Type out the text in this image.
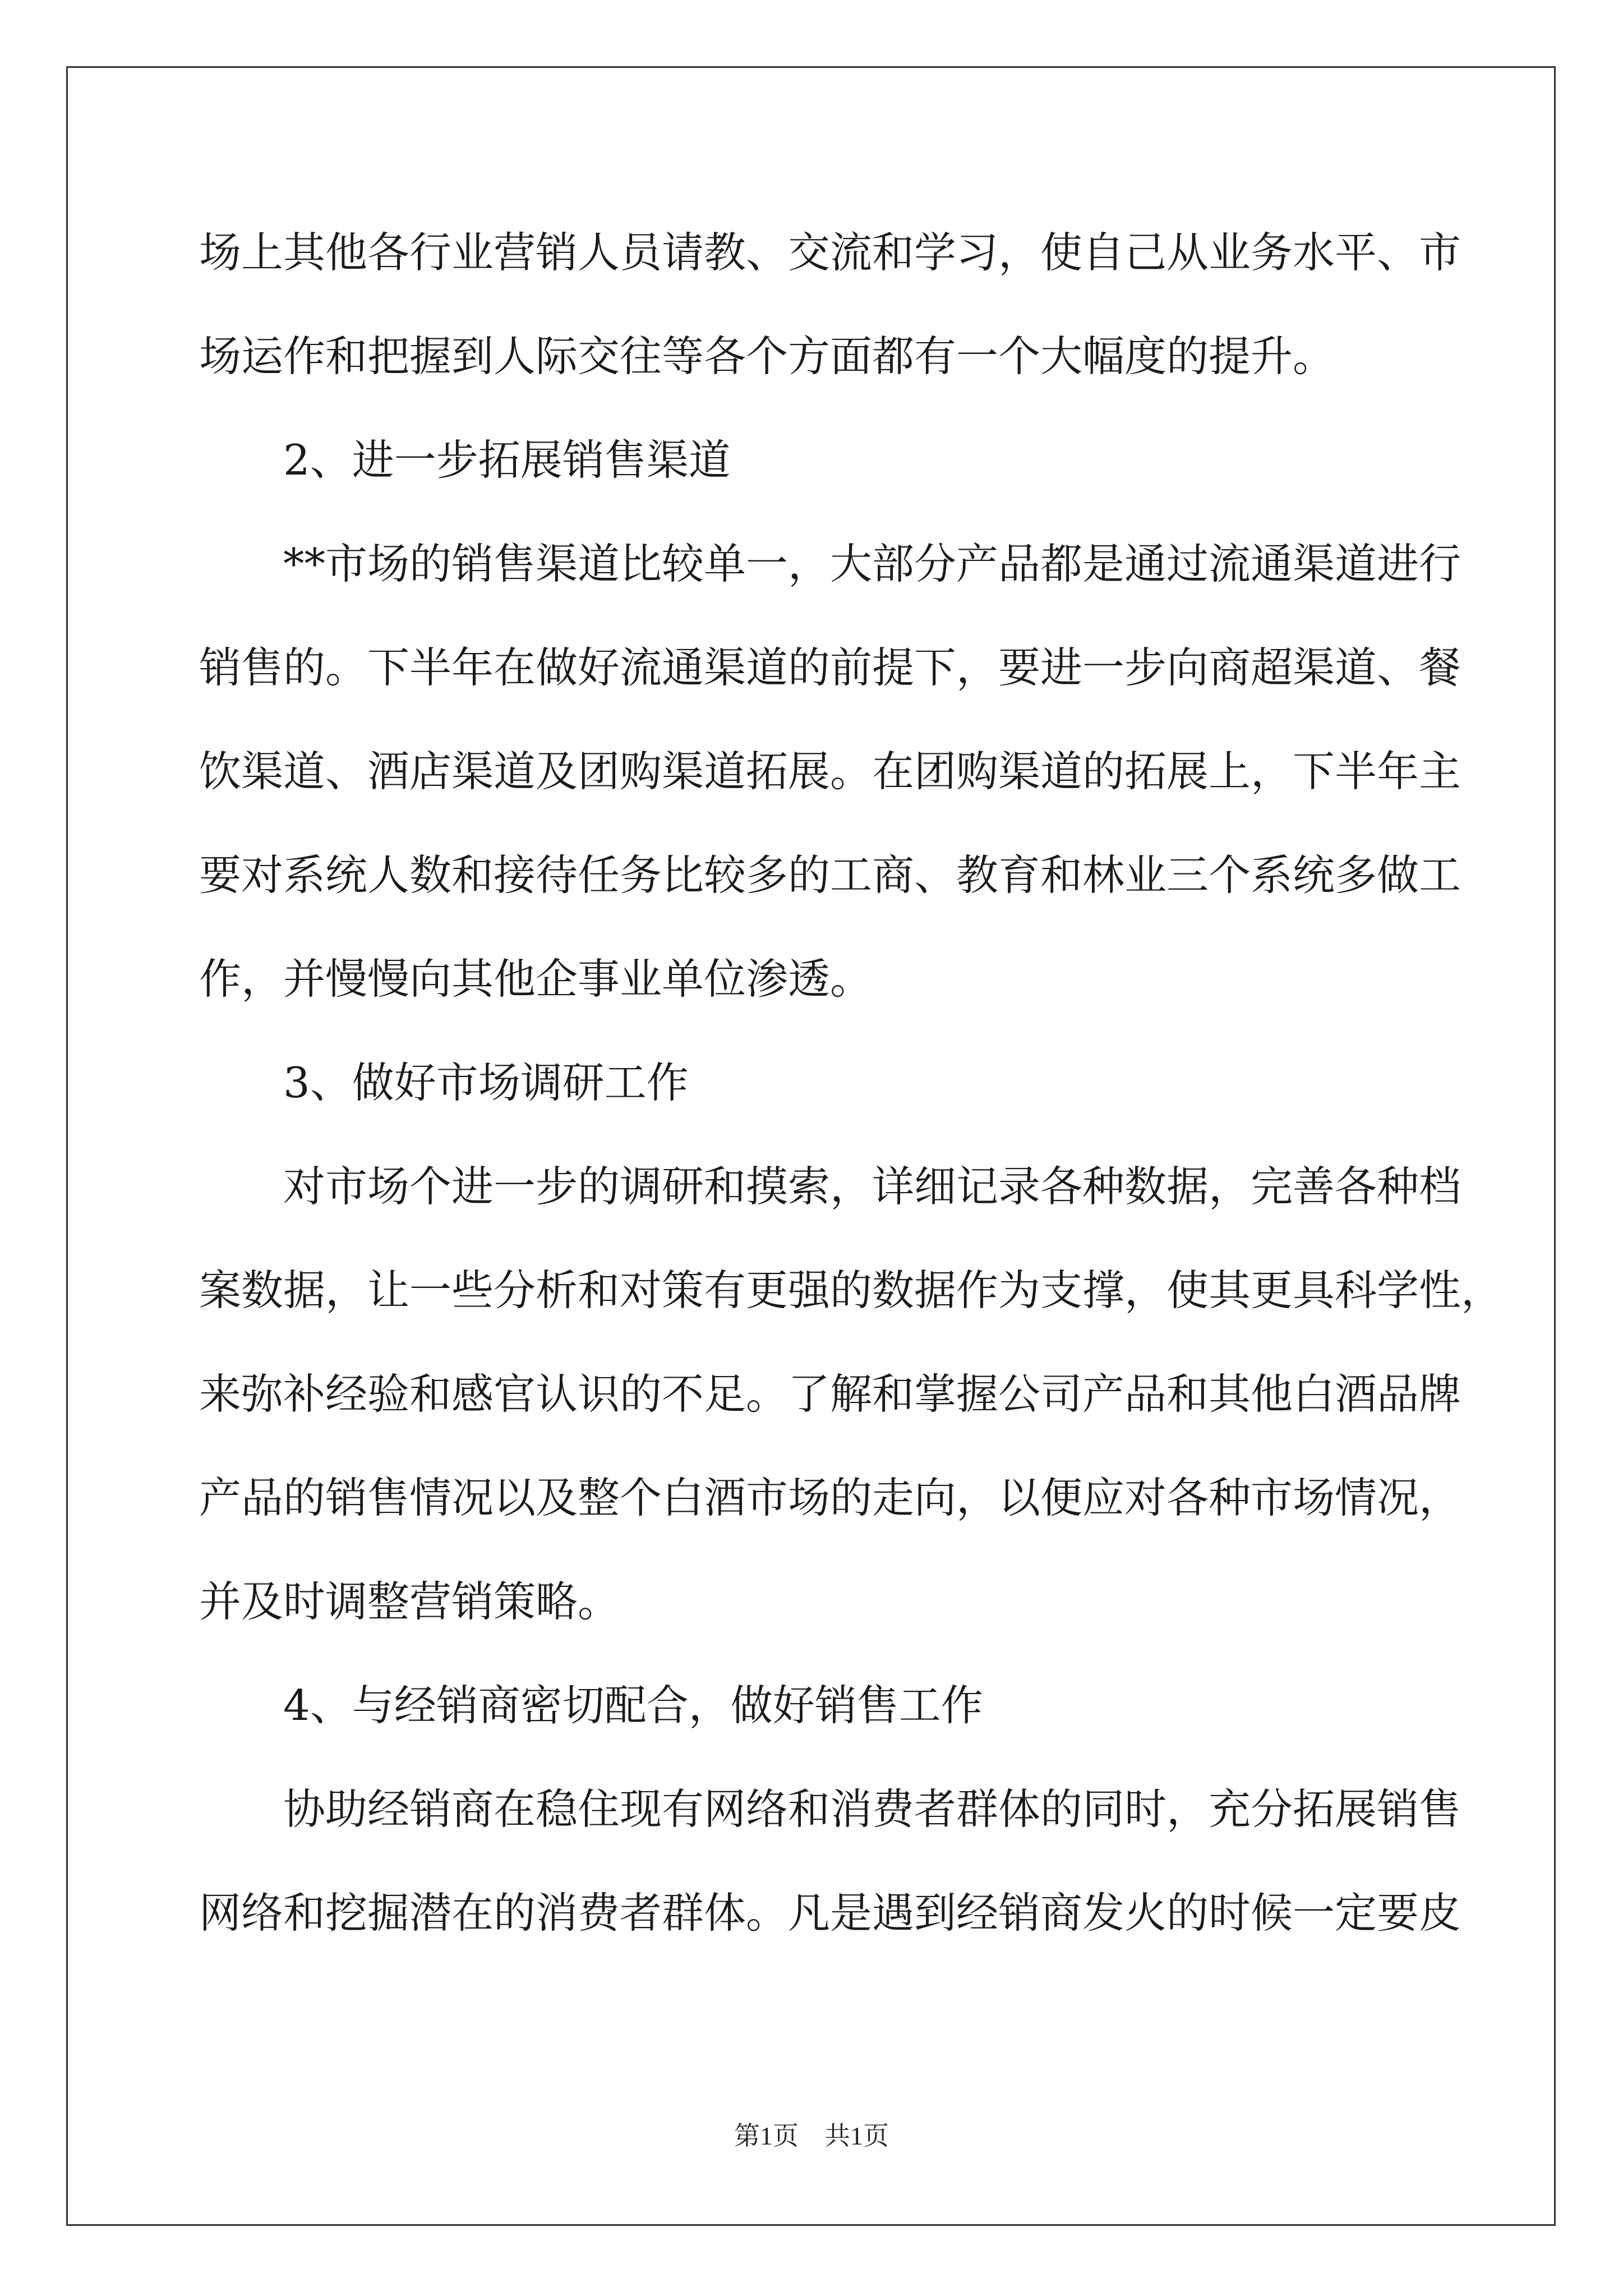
场上其他各行业营销人员请教、交流和学习，使自己从业务水平、市
场运作和把握到人际交往等各个方面都有一个大幅度的提升。
2、进一步拓展销售渠道
**市场的销售渠道比较单一，大部分产品都是通过流通渠道进行
销售的。下半年在做好流通渠道的前提下，要进一步向商超渠道、餐
饮渠道、酒店渠道及团购渠道拓展。在团购渠道的拓展上，下半年主
要对系统人数和接待任务比较多的工商、教育和林业三个系统多做工
作，并慢慢向其他企事业单位渗透。
3、做好市场调研工作
对市场个进一步的调研和摸索，详细记录各种数据，完善各种档
案数据，让一些分析和对策有更强的数据作为支撑，使其更具科学性，
来弥补经验和感官认识的不足。了解和掌握公司产品和其他白酒品牌
产品的销售情况以及整个白酒市场的走向，以便应对各种市场情况，
并及时调整营销策略。
4、与经销商密切配合，做好销售工作
协助经销商在稳住现有网络和消费者群体的同时，充分拓展销售
网络和挖掘潜在的消费者群体。凡是遇到经销商发火的时候一定要皮
第1页　共1页
